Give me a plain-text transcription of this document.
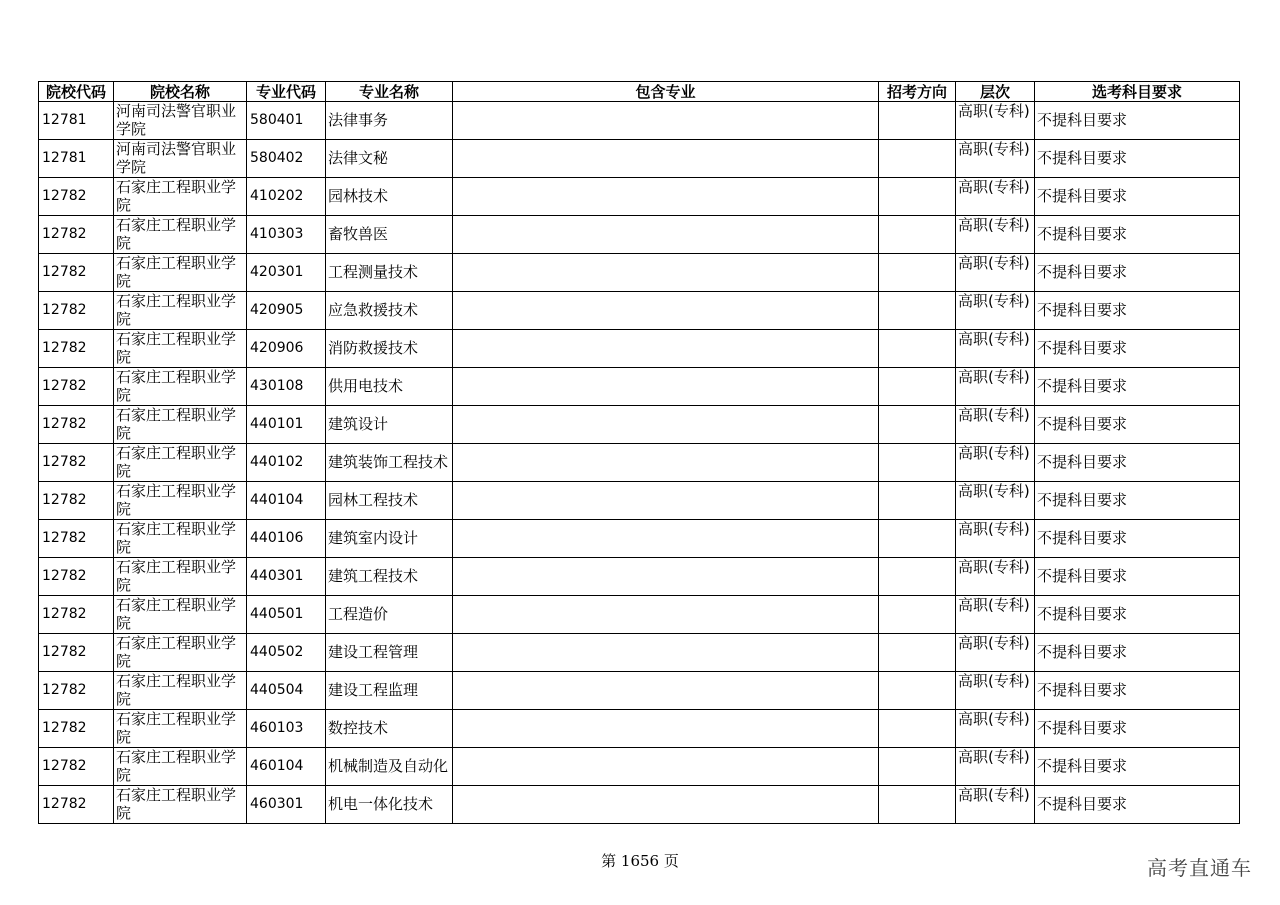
院校代码	院校名称	专业代码	专业名称	包含专业	招考方向	层次	选考科目要求
12781	河南司法警官职业学院	580401	法律事务			高职(专科)	不提科目要求
12781	河南司法警官职业学院	580402	法律文秘			高职(专科)	不提科目要求
12782	石家庄工程职业学院	410202	园林技术			高职(专科)	不提科目要求
12782	石家庄工程职业学院	410303	畜牧兽医			高职(专科)	不提科目要求
12782	石家庄工程职业学院	420301	工程测量技术			高职(专科)	不提科目要求
12782	石家庄工程职业学院	420905	应急救援技术			高职(专科)	不提科目要求
12782	石家庄工程职业学院	420906	消防救援技术			高职(专科)	不提科目要求
12782	石家庄工程职业学院	430108	供用电技术			高职(专科)	不提科目要求
12782	石家庄工程职业学院	440101	建筑设计			高职(专科)	不提科目要求
12782	石家庄工程职业学院	440102	建筑装饰工程技术			高职(专科)	不提科目要求
12782	石家庄工程职业学院	440104	园林工程技术			高职(专科)	不提科目要求
12782	石家庄工程职业学院	440106	建筑室内设计			高职(专科)	不提科目要求
12782	石家庄工程职业学院	440301	建筑工程技术			高职(专科)	不提科目要求
12782	石家庄工程职业学院	440501	工程造价			高职(专科)	不提科目要求
12782	石家庄工程职业学院	440502	建设工程管理			高职(专科)	不提科目要求
12782	石家庄工程职业学院	440504	建设工程监理			高职(专科)	不提科目要求
12782	石家庄工程职业学院	460103	数控技术			高职(专科)	不提科目要求
12782	石家庄工程职业学院	460104	机械制造及自动化			高职(专科)	不提科目要求
12782	石家庄工程职业学院	460301	机电一体化技术			高职(专科)	不提科目要求
第 1656 页	高考直通车
